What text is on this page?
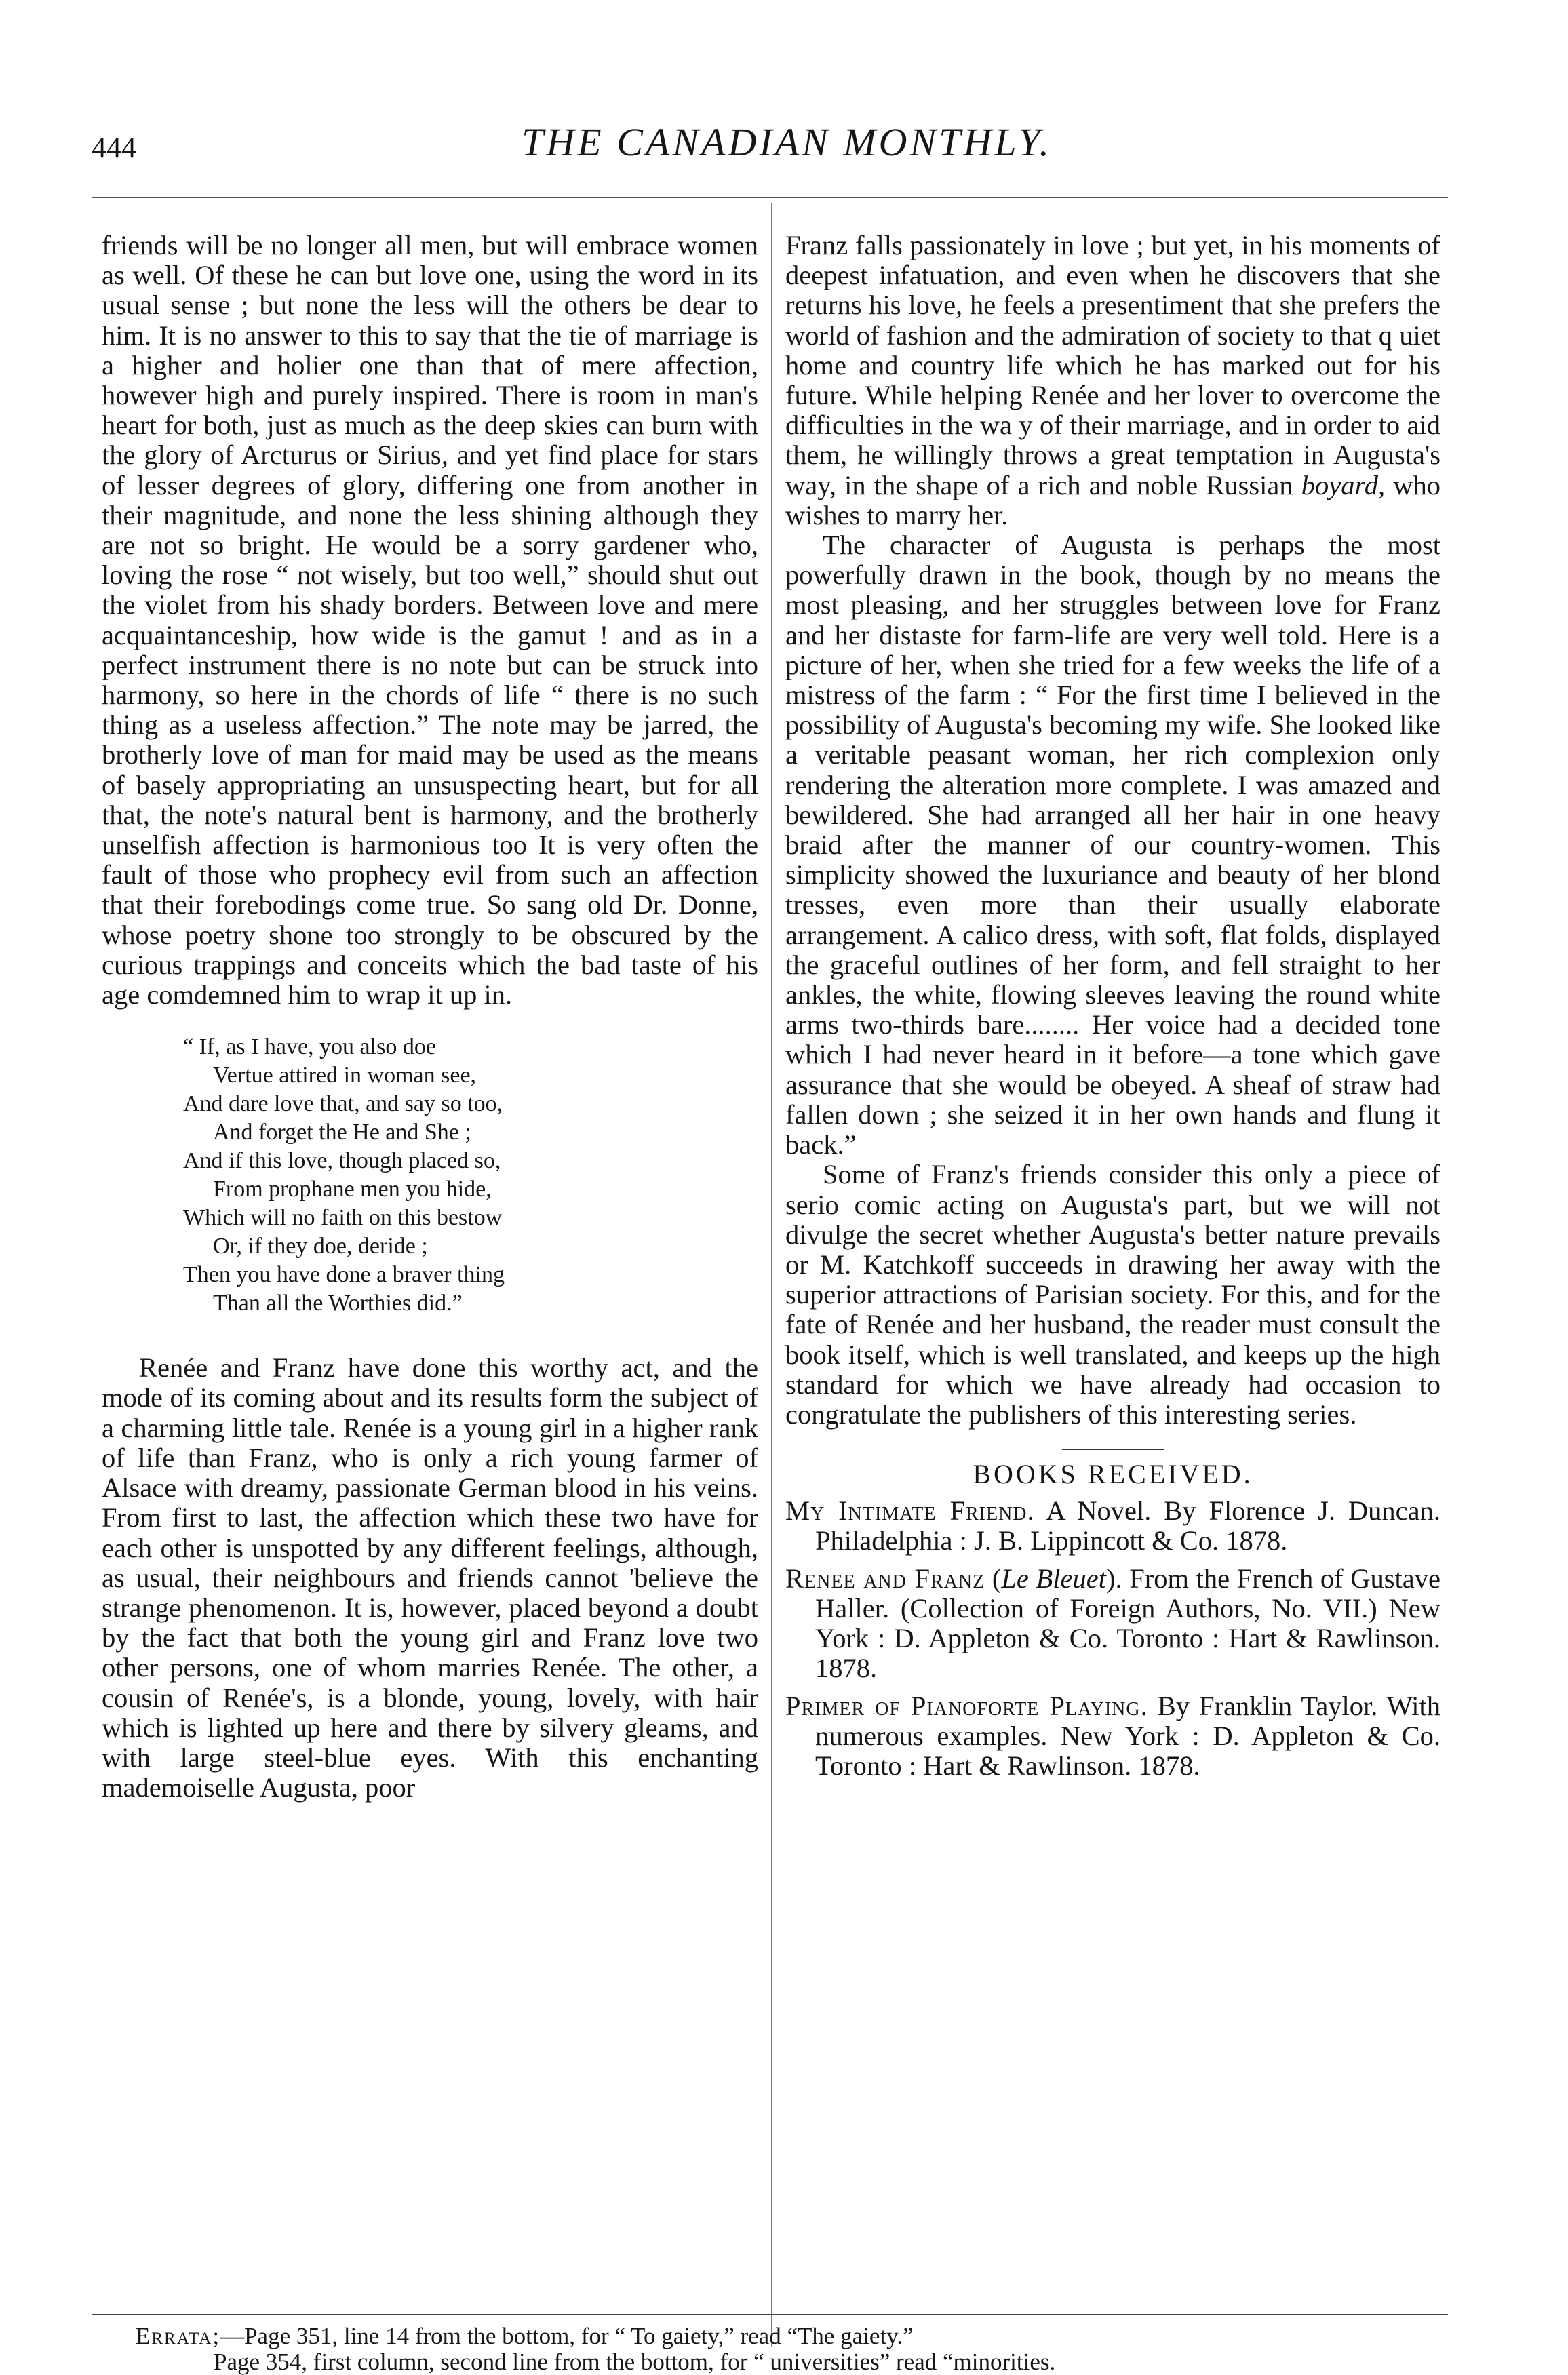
444	THE CANADIAN MONTHLY.

friends will be no longer all men, but will embrace women as well. Of these he can but love one, using the word in its usual sense ; but none the less will the others be dear to him. It is no answer to this to say that the tie of marriage is a higher and holier one than that of mere affection, however high and purely inspired. There is room in man's heart for both, just as much as the deep skies can burn with the glory of Arcturus or Sirius, and yet find place for stars of lesser degrees of glory, differing one from another in their magnitude, and none the less shining although they are not so bright. He would be a sorry gardener who, loving the rose “ not wisely, but too well,” should shut out the violet from his shady borders. Between love and mere acquaintanceship, how wide is the gamut ! and as in a perfect instrument there is no note but can be struck into harmony, so here in the chords of life “ there is no such thing as a useless affection.” The note may be jarred, the brotherly love of man for maid may be used as the means of basely appropriating an unsuspecting heart, but for all that, the note's natural bent is harmony, and the brotherly unselfish affection is harmonious too It is very often the fault of those who prophecy evil from such an affection that their forebodings come true. So sang old Dr. Donne, whose poetry shone too strongly to be obscured by the curious trappings and conceits which the bad taste of his age comdemned him to wrap it up in.

“ If, as I have, you also doe
Vertue attired in woman see,
And dare love that, and say so too,
And forget the He and She ;
And if this love, though placed so,
From prophane men you hide,
Which will no faith on this bestow
Or, if they doe, deride ;
Then you have done a braver thing
Than all the Worthies did.”

Renée and Franz have done this worthy act, and the mode of its coming about and its results form the subject of a charming little tale. Renée is a young girl in a higher rank of life than Franz, who is only a rich young farmer of Alsace with dreamy, passionate German blood in his veins. From first to last, the affection which these two have for each other is unspotted by any different feelings, although, as usual, their neighbours and friends cannot 'believe the strange phenomenon. It is, however, placed beyond a doubt by the fact that both the young girl and Franz love two other persons, one of whom marries Renée. The other, a cousin of Renée's, is a blonde, young, lovely, with hair which is lighted up here and there by silvery gleams, and with large steel-blue eyes. With this enchanting mademoiselle Augusta, poor

Franz falls passionately in love ; but yet, in his moments of deepest infatuation, and even when he discovers that she returns his love, he feels a presentiment that she prefers the world of fashion and the admiration of society to that q uiet home and country life which he has marked out for his future. While helping Renée and her lover to overcome the difficulties in the wa y of their marriage, and in order to aid them, he willingly throws a great temptation in Augusta's way, in the shape of a rich and noble Russian boyard, who wishes to marry her.

The character of Augusta is perhaps the most powerfully drawn in the book, though by no means the most pleasing, and her struggles between love for Franz and her distaste for farm-life are very well told. Here is a picture of her, when she tried for a few weeks the life of a mistress of the farm : “ For the first time I believed in the possibility of Augusta's becoming my wife. She looked like a veritable peasant woman, her rich complexion only rendering the alteration more complete. I was amazed and bewildered. She had arranged all her hair in one heavy braid after the manner of our country-women. This simplicity showed the luxuriance and beauty of her blond tresses, even more than their usually elaborate arrangement. A calico dress, with soft, flat folds, displayed the graceful outlines of her form, and fell straight to her ankles, the white, flowing sleeves leaving the round white arms two-thirds bare........ Her voice had a decided tone which I had never heard in it before—a tone which gave assurance that she would be obeyed. A sheaf of straw had fallen down ; she seized it in her own hands and flung it back.”

Some of Franz's friends consider this only a piece of serio comic acting on Augusta's part, but we will not divulge the secret whether Augusta's better nature prevails or M. Katchkoff succeeds in drawing her away with the superior attractions of Parisian society. For this, and for the fate of Renée and her husband, the reader must consult the book itself, which is well translated, and keeps up the high standard for which we have already had occasion to congratulate the publishers of this interesting series.

BOOKS RECEIVED.

My Intimate Friend. A Novel. By Florence J. Duncan. Philadelphia : J. B. Lippincott & Co. 1878.

Renee and Franz (Le Bleuet). From the French of Gustave Haller. (Collection of Foreign Authors, No. VII.) New York : D. Appleton & Co. Toronto : Hart & Rawlinson. 1878.

Primer of Pianoforte Playing. By Franklin Taylor. With numerous examples. New York : D. Appleton & Co. Toronto : Hart & Rawlinson. 1878.

Errata;—Page 351, line 14 from the bottom, for “ To gaiety,” read “The gaiety.”
Page 354, first column, second line from the bottom, for “ universities” read “minorities.
